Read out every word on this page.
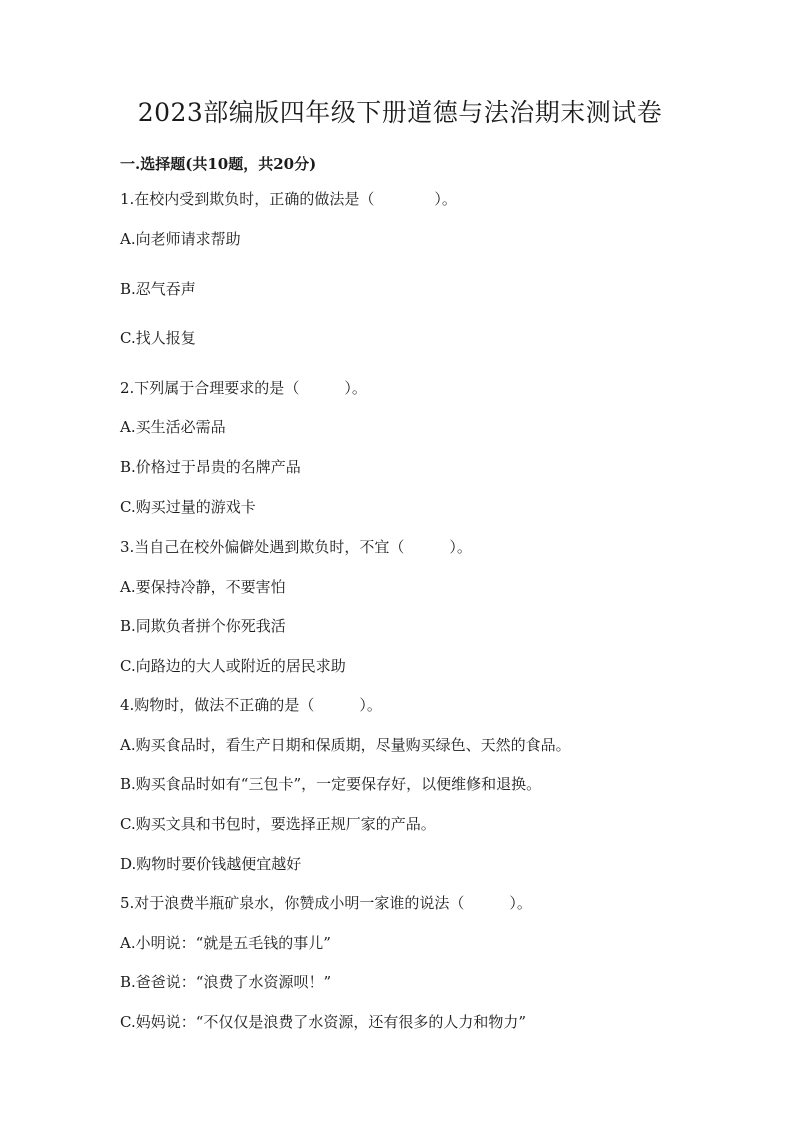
2023部编版四年级下册道德与法治期末测试卷
一.选择题(共10题，共20分)
1.在校内受到欺负时，正确的做法是（　　　　）。
A.向老师请求帮助
B.忍气吞声
C.找人报复
2.下列属于合理要求的是（　　　）。
A.买生活必需品
B.价格过于昂贵的名牌产品
C.购买过量的游戏卡
3.当自己在校外偏僻处遇到欺负时，不宜（　　　）。
A.要保持冷静，不要害怕
B.同欺负者拼个你死我活
C.向路边的大人或附近的居民求助
4.购物时，做法不正确的是（　　　）。
A.购买食品时，看生产日期和保质期，尽量购买绿色、天然的食品。
B.购买食品时如有“三包卡”，一定要保存好，以便维修和退换。
C.购买文具和书包时，要选择正规厂家的产品。
D.购物时要价钱越便宜越好
5.对于浪费半瓶矿泉水，你赞成小明一家谁的说法（　　　）。
A.小明说：“就是五毛钱的事儿”
B.爸爸说：“浪费了水资源呗！”
C.妈妈说：“不仅仅是浪费了水资源，还有很多的人力和物力”
